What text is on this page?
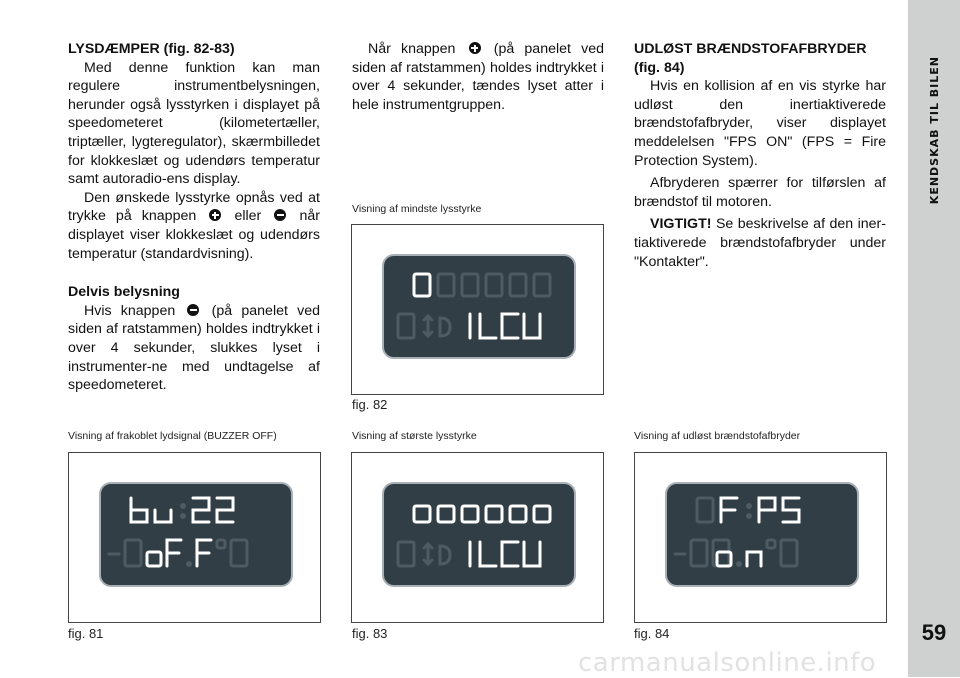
LYSDÆMPER (fig. 82-83)

Med denne funktion kan man regulere instrumentbelysningen, herunder også lysstyrken i displayet på speedometeret (kilometertæller, triptæller, lygteregulator), skærmbilledet for klokkeslæt og udendørs temperatur samt autoradio-ens display.

Den ønskede lysstyrke opnås ved at trykke på knappen	eller	når displayet viser klokkeslæt og udendørs temperatur (standardvisning).

Delvis belysning

Hvis knappen	(på panelet ved siden af ratstammen) holdes indtrykket i over 4 sekunder, slukkes lyset i instrumenter-ne med undtagelse af speedometeret.

Når knappen	(på panelet ved siden af ratstammen) holdes indtrykket i over 4 sekunder, tændes lyset atter i hele instrumentgruppen.

UDLØST BRÆNDSTOFAFBRYDER (fig. 84)

Hvis en kollision af en vis styrke har udløst den inertiaktiverede brændstofafbryder, viser displayet meddelelsen "FPS ON" (FPS = Fire Protection System).

Afbryderen spærrer for tilførslen af brændstof til motoren.

VIGTIGT! Se beskrivelse af den iner-tiaktiverede brændstofafbryder under "Kontakter".

Visning af mindste lysstyrke
fig. 82
Visning af frakoblet lydsignal (BUZZER OFF)
fig. 81
Visning af største lysstyrke
fig. 83
Visning af udløst brændstofafbryder
fig. 84
KENDSKAB TIL BILEN
59
carmanualsonline.info
